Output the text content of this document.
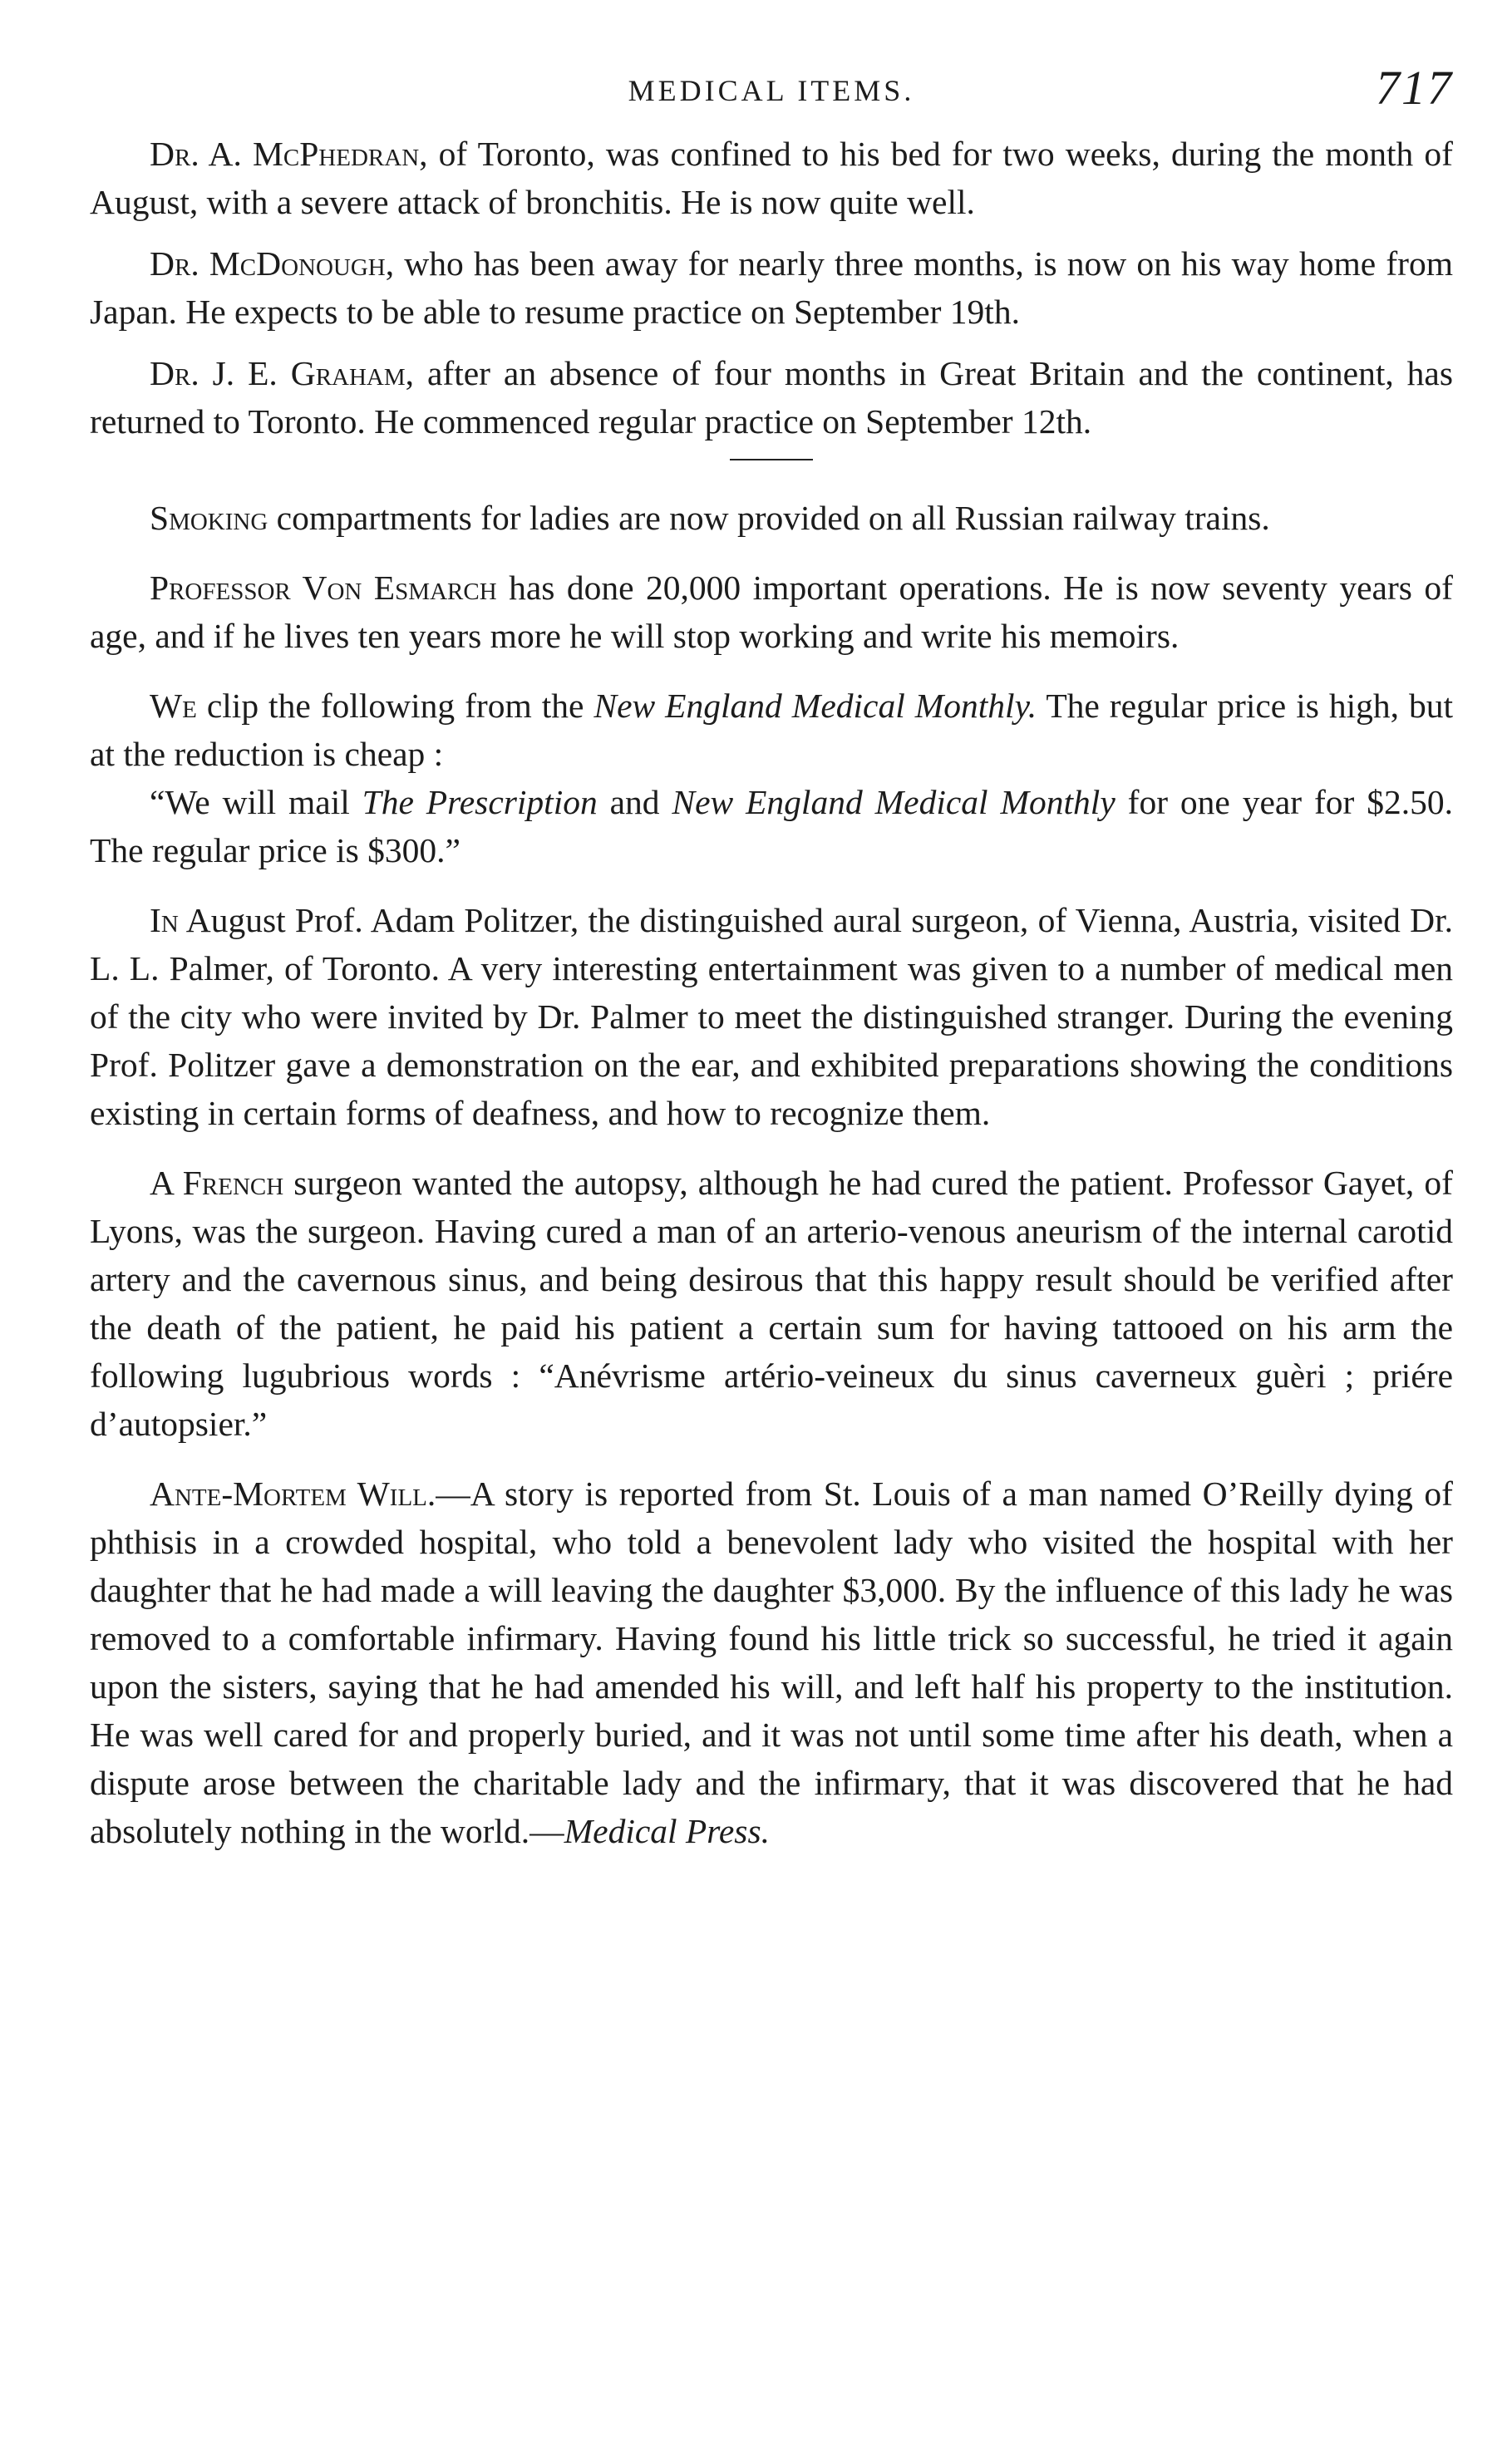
MEDICAL ITEMS.	717

Dr. A. McPhedran, of Toronto, was confined to his bed for two weeks, during the month of August, with a severe attack of bronchitis. He is now quite well.

Dr. McDonough, who has been away for nearly three months, is now on his way home from Japan. He expects to be able to resume practice on September 19th.

Dr. J. E. Graham, after an absence of four months in Great Britain and the continent, has returned to Toronto. He commenced regular practice on September 12th.

Smoking compartments for ladies are now provided on all Russian railway trains.

Professor Von Esmarch has done 20,000 important operations. He is now seventy years of age, and if he lives ten years more he will stop working and write his memoirs.

We clip the following from the New England Medical Monthly. The regular price is high, but at the reduction is cheap :
“We will mail The Prescription and New England Medical Monthly for one year for $2.50. The regular price is $300.”

In August Prof. Adam Politzer, the distinguished aural surgeon, of Vienna, Austria, visited Dr. L. L. Palmer, of Toronto. A very interesting entertainment was given to a number of medical men of the city who were invited by Dr. Palmer to meet the distinguished stranger. During the evening Prof. Politzer gave a demonstration on the ear, and exhibited preparations showing the conditions existing in certain forms of deafness, and how to recognize them.

A French surgeon wanted the autopsy, although he had cured the patient. Professor Gayet, of Lyons, was the surgeon. Having cured a man of an arterio-venous aneurism of the internal carotid artery and the cavernous sinus, and being desirous that this happy result should be verified after the death of the patient, he paid his patient a certain sum for having tattooed on his arm the following lugubrious words : “Anévrisme artério-veineux du sinus caverneux guèri ; priére d’autopsier.”

Ante-Mortem Will.—A story is reported from St. Louis of a man named O’Reilly dying of phthisis in a crowded hospital, who told a benevolent lady who visited the hospital with her daughter that he had made a will leaving the daughter $3,000. By the influence of this lady he was removed to a comfortable infirmary. Having found his little trick so successful, he tried it again upon the sisters, saying that he had amended his will, and left half his property to the institution. He was well cared for and properly buried, and it was not until some time after his death, when a dispute arose between the charitable lady and the infirmary, that it was discovered that he had absolutely nothing in the world.—Medical Press.
